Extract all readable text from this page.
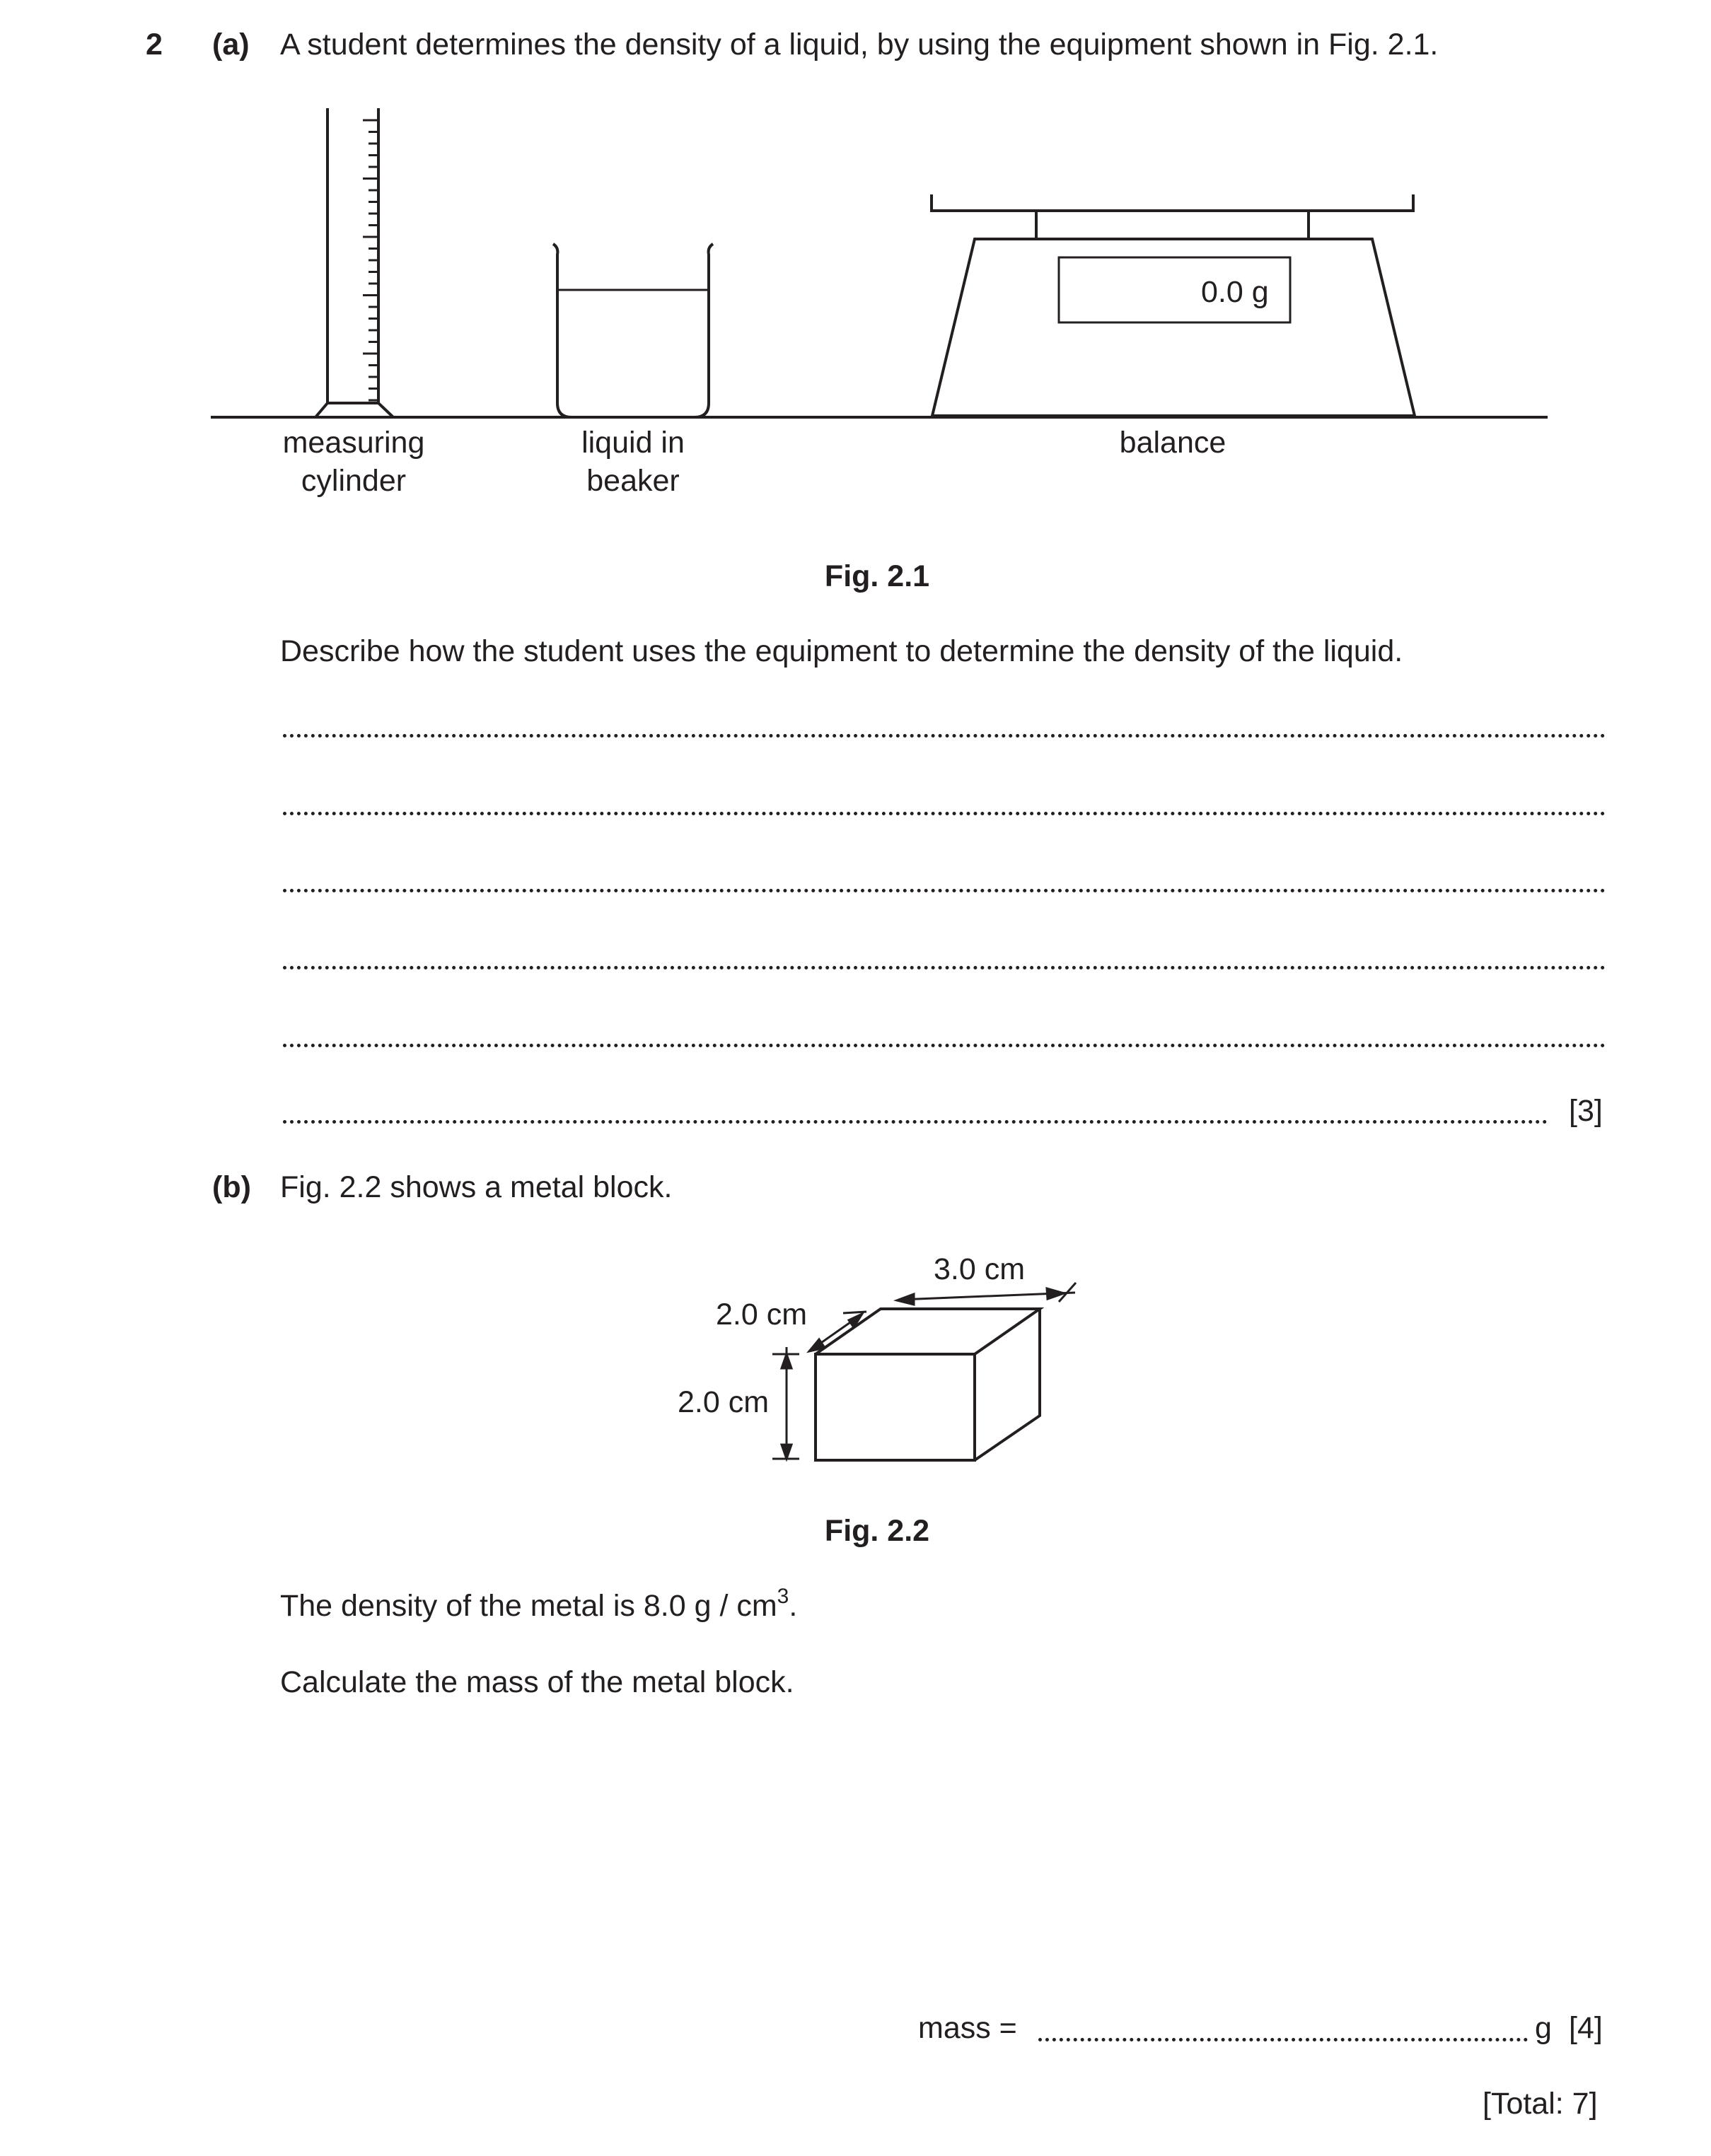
2 (a) A student determines the density of a liquid, by using the equipment shown in Fig. 2.1.
measuring
cylinder
liquid in
beaker
balance
0.0 g
Fig. 2.1
Describe how the student uses the equipment to determine the density of the liquid.
[3]
(b) Fig. 2.2 shows a metal block.
3.0 cm
2.0 cm
2.0 cm
Fig. 2.2
The density of the metal is 8.0 g / $cm^3$.
Calculate the mass of the metal block.
mass =	g [4]
[Total: 7]
